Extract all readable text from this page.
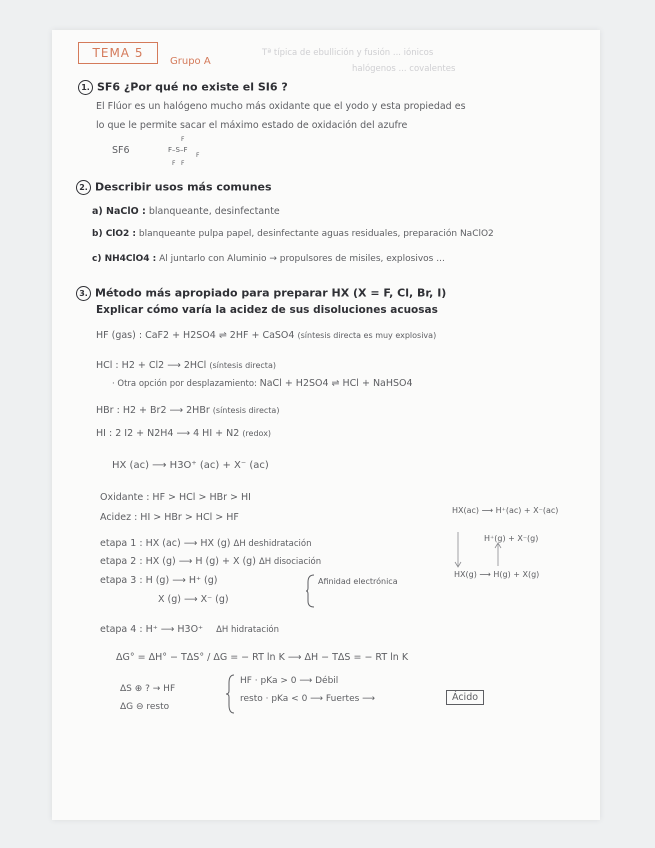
TEMA 5
Grupo A
Tª típica de ebullición y fusión ... iónicos
halógenos ... covalentes
1. SF6 ¿Por qué no existe el SI6 ?
El Flúor es un halógeno mucho más oxidante que el yodo y esta propiedad es
lo que le permite sacar el máximo estado de oxidación del azufre
SF6	F–S–F
F
F
F
F
2. Describir usos más comunes
a) NaClO : blanqueante, desinfectante
b) ClO2 : blanqueante pulpa papel, desinfectante aguas residuales, preparación NaClO2
c) NH4ClO4 : Al juntarlo con Aluminio → propulsores de misiles, explosivos ...
3. Método más apropiado para preparar HX (X = F, Cl, Br, I)
Explicar cómo varía la acidez de sus disoluciones acuosas
HF (gas) : CaF2 + H2SO4 ⇌ 2HF + CaSO4 (síntesis directa es muy explosiva)
HCl : H2 + Cl2 ⟶ 2HCl (síntesis directa)
· Otra opción por desplazamiento: NaCl + H2SO4 ⇌ HCl + NaHSO4
HBr : H2 + Br2 ⟶ 2HBr (síntesis directa)
HI : 2 I2 + N2H4 ⟶ 4 HI + N2 (redox)
HX (ac) ⟶ H3O⁺ (ac) + X⁻ (ac)
Oxidante : HF > HCl > HBr > HI
Acidez : HI > HBr > HCl > HF
HX(ac) ⟶ H⁺(ac) + X⁻(ac)
etapa 1 : HX (ac) ⟶ HX (g) ΔH deshidratación
etapa 2 : HX (g) ⟶ H (g) + X (g) ΔH disociación
etapa 3 : H (g) ⟶ H⁺ (g)
X (g) ⟶ X⁻ (g)
Afinidad electrónica
etapa 4 : H⁺ ⟶ H3O⁺ ΔH hidratación
HX(g) ⟶ H(g) + X(g)
H⁺(g) + X⁻(g)
ΔG° = ΔH° − TΔS° / ΔG = − RT ln K ⟶ ΔH − TΔS = − RT ln K
ΔS ⊕ ? → HF
ΔG ⊖ resto
HF · pKa > 0 ⟶ Débil
resto · pKa < 0 ⟶ Fuertes ⟶	Ácido
